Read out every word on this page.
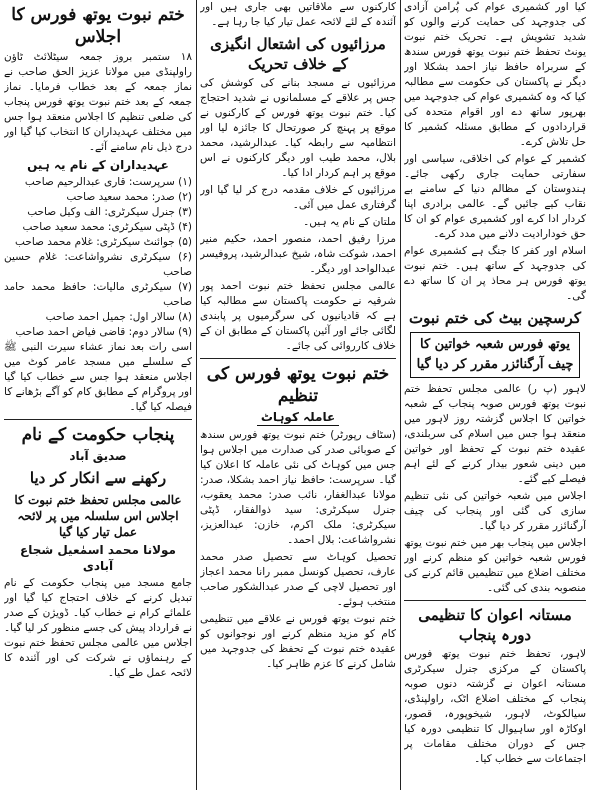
کیا اور کشمیری عوام کی پُرامن آزادی کی جدوجہد کی حمایت کرنے والوں کو شدید تشویش ہے۔ تحریک ختم نبوت یونٹ تحفظ ختم نبوت یوتھ فورس سندھ کے سربراہ حافظ نیاز احمد بشکلا اور دیگر نے پاکستان کی حکومت سے مطالبہ کیا کہ وہ کشمیری عوام کی جدوجہد میں بھرپور ساتھ دے اور اقوام متحدہ کی قراردادوں کے مطابق مسئلہ کشمیر کا حل تلاش کرے۔

کشمیر کے عوام کی اخلاقی، سیاسی اور سفارتی حمایت جاری رکھی جائے۔ ہندوستان کے مظالم دنیا کے سامنے بے نقاب کیے جائیں گے۔ عالمی برادری اپنا کردار ادا کرے اور کشمیری عوام کو ان کا حق خودارادیت دلانے میں مدد کرے۔

اسلام اور کفر کا جنگ ہے کشمیری عوام کی جدوجہد کے ساتھ ہیں۔ ختم نبوت یوتھ فورس ہر محاذ پر ان کا ساتھ دے گی۔

کرسچین بیٹ کی ختم نبوت
یوتھ فورس شعبہ خواتین کا چیف آرگنائزر مقرر کر دیا گیا

لاہور (پ ر) عالمی مجلس تحفظ ختم نبوت یوتھ فورس صوبہ پنجاب کے شعبہ خواتین کا اجلاس گزشتہ روز لاہور میں منعقد ہوا جس میں اسلام کی سربلندی، عقیدہ ختم نبوت کے تحفظ اور خواتین میں دینی شعور بیدار کرنے کے لئے اہم فیصلے کیے گئے۔

اجلاس میں شعبہ خواتین کی نئی تنظیم سازی کی گئی اور پنجاب کی چیف آرگنائزر مقرر کر دیا گیا۔

اجلاس میں پنجاب بھر میں ختم نبوت یوتھ فورس شعبہ خواتین کو منظم کرنے اور مختلف اضلاع میں تنظیمیں قائم کرنے کی منصوبہ بندی کی گئی۔

مستانہ اعوان کا تنظیمی دورہ پنجاب

لاہور، تحفظ ختم نبوت یوتھ فورس پاکستان کے مرکزی جنرل سیکرٹری مستانہ اعوان نے گزشتہ دنوں صوبہ پنجاب کے مختلف اضلاع اٹک، راولپنڈی، سیالکوٹ، لاہور، شیخوپورہ، قصور، اوکاڑہ اور ساہیوال کا تنظیمی دورہ کیا جس کے دوران مختلف مقامات پر اجتماعات سے خطاب کیا۔

کارکنوں سے ملاقاتیں بھی جاری ہیں اور آئندہ کے لئے لائحہ عمل تیار کیا جا رہا ہے۔

مرزائیوں کی اشتعال انگیزی کے خلاف تحریک

مرزائیوں نے مسجد بنانے کی کوشش کی جس پر علاقے کے مسلمانوں نے شدید احتجاج کیا۔ ختم نبوت یوتھ فورس کے کارکنوں نے موقع پر پہنچ کر صورتحال کا جائزہ لیا اور انتظامیہ سے رابطہ کیا۔ عبدالرشید، محمد بلال، محمد طیب اور دیگر کارکنوں نے اس موقع پر اہم کردار ادا کیا۔

مرزائیوں کے خلاف مقدمہ درج کر لیا گیا اور گرفتاری عمل میں آئی۔

ملتان کے نام یہ ہیں۔

مرزا رفیق احمد، منصور احمد، حکیم منیر احمد، شوکت شاہ، شیخ عبدالرشید، پروفیسر عبدالواحد اور دیگر۔

عالمی مجلس تحفظ ختم نبوت احمد پور شرقیہ نے حکومت پاکستان سے مطالبہ کیا ہے کہ قادیانیوں کی سرگرمیوں پر پابندی لگائی جائے اور آئین پاکستان کے مطابق ان کے خلاف کارروائی کی جائے۔

ختم نبوت یوتھ فورس کی تنظیم
عاملہ کوہاٹ

(سٹاف رپورٹر) ختم نبوت یوتھ فورس سندھ کے صوبائی صدر کی صدارت میں اجلاس ہوا جس میں کوہاٹ کی نئی عاملہ کا اعلان کیا گیا۔ سرپرست: حافظ نیاز احمد بشکلا، صدر: مولانا عبدالغفار، نائب صدر: محمد یعقوب، جنرل سیکرٹری: سید ذوالفقار، ڈپٹی سیکرٹری: ملک اکرم، خازن: عبدالعزیز، نشرواشاعت: بلال احمد۔

تحصیل کوہاٹ سے تحصیل صدر محمد عارف، تحصیل کونسل ممبر رانا محمد اعجاز اور تحصیل لاچی کے صدر عبدالشکور صاحب منتخب ہوئے۔

ختم نبوت یوتھ فورس نے علاقے میں تنظیمی کام کو مزید منظم کرنے اور نوجوانوں کو عقیدہ ختم نبوت کے تحفظ کی جدوجہد میں شامل کرنے کا عزم ظاہر کیا۔

ختم نبوت یوتھ فورس کا اجلاس

۱۸ ستمبر بروز جمعہ سیٹلائٹ ٹاؤن راولپنڈی میں مولانا عزیز الحق صاحب نے نماز جمعہ کے بعد خطاب فرمایا۔ نماز جمعہ کے بعد ختم نبوت یوتھ فورس پنجاب کی ضلعی تنظیم کا اجلاس منعقد ہوا جس میں مختلف عہدیداران کا انتخاب کیا گیا اور درج ذیل نام سامنے آئے۔

عہدیداران کے نام یہ ہیں

(۱) سرپرست: قاری عبدالرحیم صاحب

(۲) صدر: محمد سعید صاحب

(۳) جنرل سیکرٹری: الف وکیل صاحب

(۴) ڈپٹی سیکرٹری: محمد سعید صاحب

(۵) جوائنٹ سیکرٹری: غلام محمد صاحب

(۶) سیکرٹری نشرواشاعت: غلام حسین صاحب

(۷) سیکرٹری مالیات: حافظ محمد حامد صاحب

(۸) سالار اول: جمیل احمد صاحب

(۹) سالار دوم: قاضی فیاض احمد صاحب

اسی رات بعد نماز عشاء سیرت النبی ﷺ کے سلسلے میں مسجد عامر کوٹ میں اجلاس منعقد ہوا جس سے خطاب کیا گیا اور پروگرام کے مطابق کام کو آگے بڑھانے کا فیصلہ کیا گیا۔

پنجاب حکومت کے نام
صدیق آباد
رکھنے سے انکار کر دیا
عالمی مجلس تحفظ ختم نبوت کا اجلاس اس سلسلہ میں پر لائحہ عمل تیار کیا گیا
مولانا محمد اسمٰعیل شجاع آبادی

جامع مسجد میں پنجاب حکومت کے نام تبدیل کرنے کے خلاف احتجاج کیا گیا اور علمائے کرام نے خطاب کیا۔ ڈویژن کے صدر نے قرارداد پیش کی جسے منظور کر لیا گیا۔ اجلاس میں عالمی مجلس تحفظ ختم نبوت کے رہنماؤں نے شرکت کی اور آئندہ کا لائحہ عمل طے کیا۔
